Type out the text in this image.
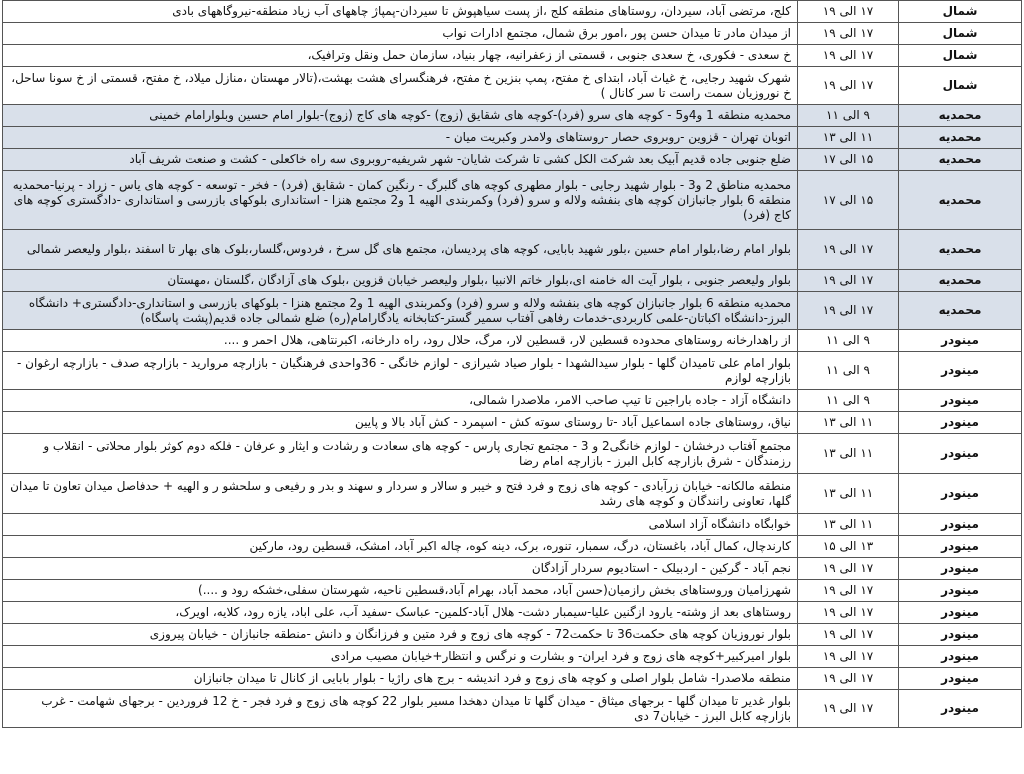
شمال	۱۷ الی ۱۹	کلج، مرتضی آباد، سیردان، روستاهای منطقه کلج ،از پست سیاهپوش تا سیردان-پمپاژ چاههای آب زیاد منطقه-نیروگاههای بادی
شمال	۱۷ الی ۱۹	از میدان مادر تا میدان حسن پور ،امور برق شمال، مجتمع ادارات نواب
شمال	۱۷ الی ۱۹	خ سعدی - فکوری، خ سعدی جنوبی ، قسمتی از زعفرانیه، چهار بنیاد، سازمان حمل ونقل وترافیک،
شمال	۱۷ الی ۱۹	شهرک شهید رجایی، خ غیاث آباد، ابتدای خ مفتح، پمپ بنزین خ مفتح، فرهنگسرای هشت بهشت،(تالار مهستان ،منازل میلاد، خ مفتح، قسمتی از خ سونا ساحل، خ نوروزیان سمت راست تا سر کانال )
محمدیه	۹ الی ۱۱	محمدیه منطقه 1 و4و5 - کوچه های سرو (فرد)-کوچه های شقایق (زوج) -کوچه های کاج (زوج)-بلوار امام حسین وبلوارامام خمینی
محمدیه	۱۱ الی ۱۳	اتوبان تهران - قزوین -روبروی حصار -روستاهای ولامدر وکبریت میان -
محمدیه	۱۵ الی ۱۷	ضلع جنوبی جاده قدیم آبیک بعد شرکت الکل کشی تا شرکت شایان- شهر شریفیه-روبروی سه راه خاکعلی - کشت و صنعت شریف آباد
محمدیه	۱۵ الی ۱۷	محمدیه مناطق 2 و3 - بلوار شهید رجایی - بلوار مطهری کوچه های گلبرگ - رنگین کمان - شقایق (فرد) - فخر - توسعه - کوچه های یاس - زراد - پرنیا-محمدیه منطقه 6 بلوار جانبازان کوچه های بنفشه ولاله و سرو (فرد) وکمربندی الهیه 1 و2 مجتمع هنزا - استانداری بلوکهای بازرسی و استانداری -دادگستری کوچه های کاج (فرد)
محمدیه	۱۷ الی ۱۹	بلوار امام رضا،بلوار امام حسین ،بلور شهید بابایی، کوچه های پردیسان، مجتمع های گل سرخ ، فردوس،گلسار،بلوک های بهار تا اسفند ،بلوار ولیعصر شمالی
محمدیه	۱۷ الی ۱۹	بلوار ولیعصر جنوبی ، بلوار آیت اله خامنه ای،بلوار خاتم الانبیا ،بلوار ولیعصر خیابان قزوین ،بلوک های آزادگان ،گلستان ،مهستان
محمدیه	۱۷ الی ۱۹	محمدیه منطقه 6 بلوار جانبازان کوچه های بنفشه ولاله و سرو (فرد) وکمربندی الهیه 1 و2 مجتمع هنزا - بلوکهای بازرسی و استانداری-دادگستری+ دانشگاه البرز-دانشگاه اکباتان-علمی کاربردی-خدمات رفاهی آفتاب سمیر گستر-کتابخانه یادگارامام(ره) ضلع شمالی جاده قدیم(پشت پاسگاه)
مینودر	۹ الی ۱۱	از راهدارخانه روستاهای محدوده قسطین لار، قسطین لار، مرگ، حلال رود، راه دارخانه، اکبرنتاهی، هلال احمر و ....
مینودر	۹ الی ۱۱	بلوار امام علی تامیدان گلها - بلوار سیدالشهدا - بلوار صیاد شیرازی - لوازم خانگی - 36واحدی فرهنگیان - بازارچه مروارید - بازارچه صدف - بازارچه ارغوان - بازارچه لوازم
مینودر	۹ الی ۱۱	دانشگاه آزاد - جاده باراجین تا تیپ صاحب الامر، ملاصدرا شمالی،
مینودر	۱۱ الی ۱۳	نیاق، روستاهای جاده اسماعیل آباد -تا روستای سوته کش - اسپمرد - کش آباد بالا و پایین
مینودر	۱۱ الی ۱۳	مجتمع آفتاب درخشان - لوازم خانگی2 و 3 - مجتمع تجاری پارس - کوچه های سعادت و رشادت و ایثار و عرفان - فلکه دوم کوثر بلوار محلاتی - انقلاب و رزمندگان - شرق بازارچه کابل البرز - بازارچه امام رضا
مینودر	۱۱ الی ۱۳	منطقه مالکانه- خیابان زرآبادی - کوچه های زوج و فرد فتح و خیبر و سالار و سردار و سهند و بدر و رفیعی و سلحشو ر و الهیه + حدفاصل میدان تعاون تا میدان گلها، تعاونی رانندگان و کوچه های رشد
مینودر	۱۱ الی ۱۳	خوابگاه دانشگاه آزاد اسلامی
مینودر	۱۳ الی ۱۵	کارندچال، کمال آباد، باغستان، درگ، سمبار، تنوره، برک، دینه کوه، چاله اکبر آباد، امشک، قسطین رود، مارکین
مینودر	۱۷ الی ۱۹	نجم آباد - گرکین - اردبیلک - استادیوم سردار آزادگان
مینودر	۱۷ الی ۱۹	شهرزامیان وروستاهای بخش رازمیان(حسن آباد، محمد آباد، بهرام آباد،قسطین ناحیه، شهرستان سفلی،خشکه رود و ....)
مینودر	۱۷ الی ۱۹	روستاهای بعد از وشته- یارود ازگنین علیا-سیمبار دشت- هلال آباد-کلمین- عباسک -سفید آب، علی اباد، یازه رود، کلایه، اویرک،
مینودر	۱۷ الی ۱۹	بلوار نوروزیان کوچه های حکمت36 تا حکمت72 - کوچه های زوج و فرد متین و فرزانگان و دانش -منطقه جانبازان - خیابان پیروزی
مینودر	۱۷ الی ۱۹	بلوار امیرکبیر+کوچه های زوج و فرد ایران- و بشارت و نرگس و انتظار+خیابان مصیب مرادی
مینودر	۱۷ الی ۱۹	منطقه ملاصدرا- شامل بلوار اصلی و کوچه های زوج و فرد اندیشه - برج های راژیا - بلوار بابایی از کانال تا میدان جانبازان
مینودر	۱۷ الی ۱۹	بلوار غدیر تا میدان گلها - برجهای میثاق - میدان گلها تا میدان دهخدا مسیر بلوار 22 کوچه های زوج و فرد فجر - خ 12 فروردین - برجهای شهامت - غرب بازارچه کابل البرز - خیابان7 دی
